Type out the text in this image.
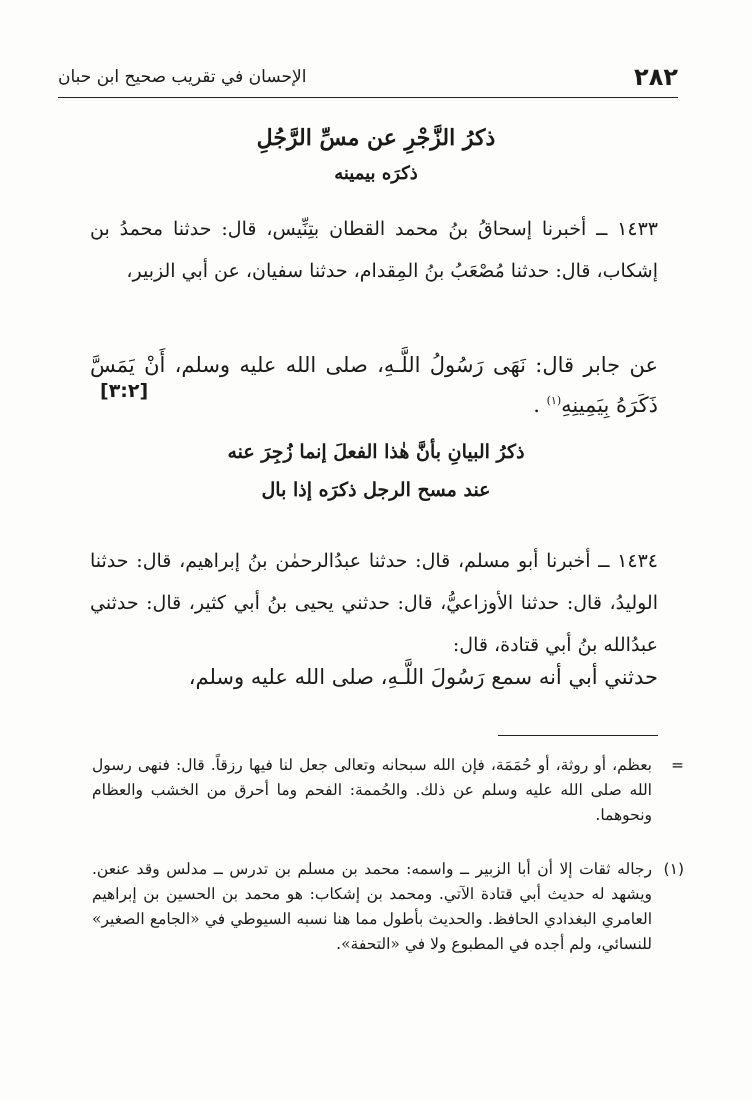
٢٨٢
الإحسان في تقريب صحيح ابن حبان
ذكرُ الزَّجْرِ عن مسِّ الرَّجُلِ
ذكرَه بيمينه
١٤٣٣ ــ أخبرنا إسحاقُ بنُ محمد القطان بتِنِّيس، قال: حدثنا محمدُ بن إشكاب، قال: حدثنا مُصْعَبُ بنُ المِقدام، حدثنا سفيان، عن أبي الزبير،
عن جابر قال: نَهَى رَسُولُ اللَّـهِ، صلى الله عليه وسلم، أَنْ يَمَسَّ ذَكَرَهُ بِيَمِينِهِ$^{(١)}$ .
[٣:٢]
ذكرُ البيانِ بأنَّ هٰذا الفعلَ إنما زُجِرَ عنه
عند مسح الرجل ذكرَه إذا بال
١٤٣٤ ــ أخبرنا أبو مسلم، قال: حدثنا عبدُالرحمٰن بنُ إبراهيم، قال: حدثنا الوليدُ، قال: حدثنا الأوزاعيُّ، قال: حدثني يحيى بنُ أبي كثير، قال: حدثني عبدُالله بنُ أبي قتادة، قال:
حدثني أبي أنه سمع رَسُولَ اللَّـهِ، صلى الله عليه وسلم،
=
بعظم، أو روثة، أو حُمَمَة، فإن الله سبحانه وتعالى جعل لنا فيها رزقاً. قال: فنهى رسول الله صلى الله عليه وسلم عن ذلك. والحُممة: الفحم وما أحرق من الخشب والعظام ونحوهما.
(١)
رجاله ثقات إلا أن أبا الزبير ــ واسمه: محمد بن مسلم بن تدرس ــ مدلس وقد عنعن. ويشهد له حديث أبي قتادة الآتي. ومحمد بن إشكاب: هو محمد بن الحسين بن إبراهيم العامري البغدادي الحافظ. والحديث بأطول مما هنا نسبه السيوطي في «الجامع الصغير» للنسائي، ولم أجده في المطبوع ولا في «التحفة».
